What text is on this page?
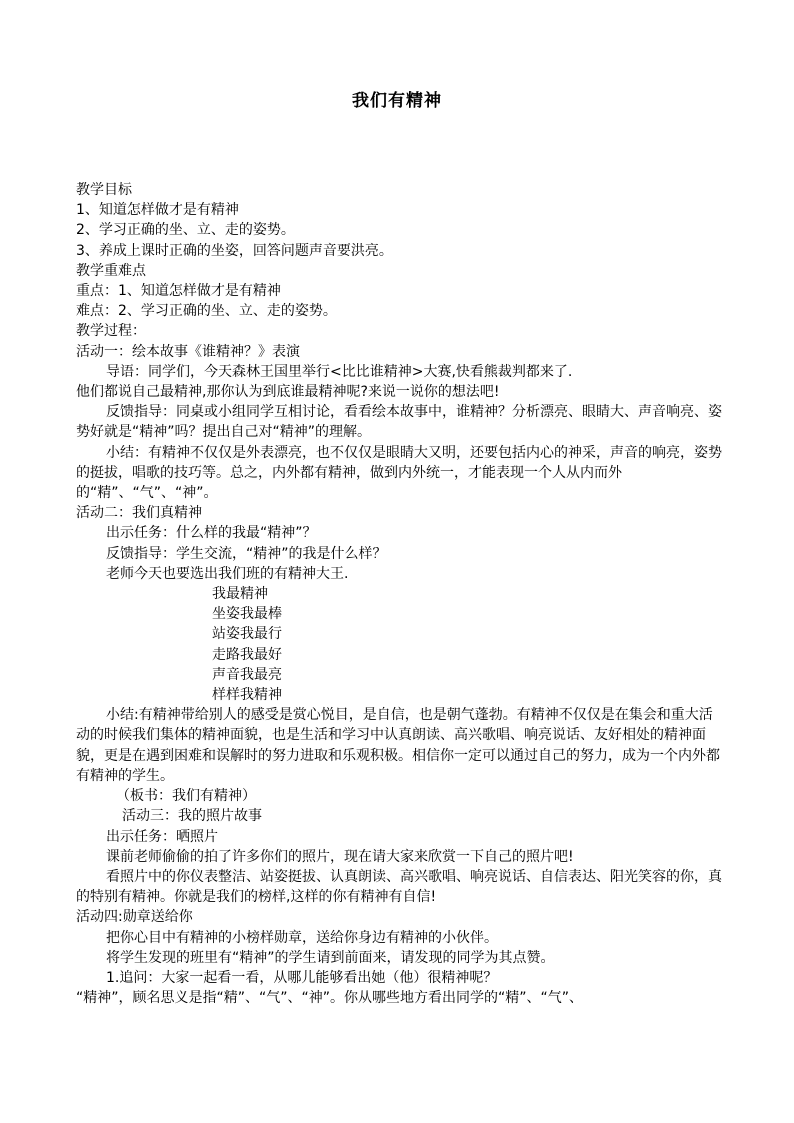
我们有精神

教学目标

1、知道怎样做才是有精神

2、学习正确的坐、立、走的姿势。

3、养成上课时正确的坐姿，回答问题声音要洪亮。

教学重难点

重点：1、知道怎样做才是有精神

难点：2、学习正确的坐、立、走的姿势。

教学过程：

活动一：绘本故事《谁精神？》表演

导语：同学们，今天森林王国里举行<比比谁精神>大赛,快看熊裁判都来了.

他们都说自己最精神,那你认为到底谁最精神呢?来说一说你的想法吧!

反馈指导：同桌或小组同学互相讨论，看看绘本故事中，谁精神？分析漂亮、眼睛大、声音响亮、姿势好就是“精神”吗？提出自己对“精神”的理解。

小结：有精神不仅仅是外表漂亮，也不仅仅是眼睛大又明，还要包括内心的神采，声音的响亮，姿势的挺拔，唱歌的技巧等。总之，内外都有精神，做到内外统一，才能表现一个人从内而外的“精”、“气”、“神”。

活动二：我们真精神

出示任务：什么样的我最“精神”？

反馈指导：学生交流，“精神”的我是什么样？

老师今天也要选出我们班的有精神大王.

我最精神

坐姿我最棒

站姿我最行

走路我最好

声音我最亮

样样我精神

小结:有精神带给别人的感受是赏心悦目，是自信，也是朝气蓬勃。有精神不仅仅是在集会和重大活动的时候我们集体的精神面貌，也是生活和学习中认真朗读、高兴歌唱、响亮说话、友好相处的精神面貌，更是在遇到困难和误解时的努力进取和乐观积极。相信你一定可以通过自己的努力，成为一个内外都有精神的学生。

（板书：我们有精神）

活动三：我的照片故事

出示任务：晒照片

课前老师偷偷的拍了许多你们的照片，现在请大家来欣赏一下自己的照片吧!

看照片中的你仪表整洁、站姿挺拔、认真朗读、高兴歌唱、响亮说话、自信表达、阳光笑容的你，真的特别有精神。你就是我们的榜样,这样的你有精神有自信!

活动四:勋章送给你

把你心目中有精神的小榜样勋章，送给你身边有精神的小伙伴。

将学生发现的班里有“精神”的学生请到前面来，请发现的同学为其点赞。

1.追问：大家一起看一看，从哪儿能够看出她（他）很精神呢？

“精神”，顾名思义是指“精”、“气”、“神”。你从哪些地方看出同学的“精”、“气”、
